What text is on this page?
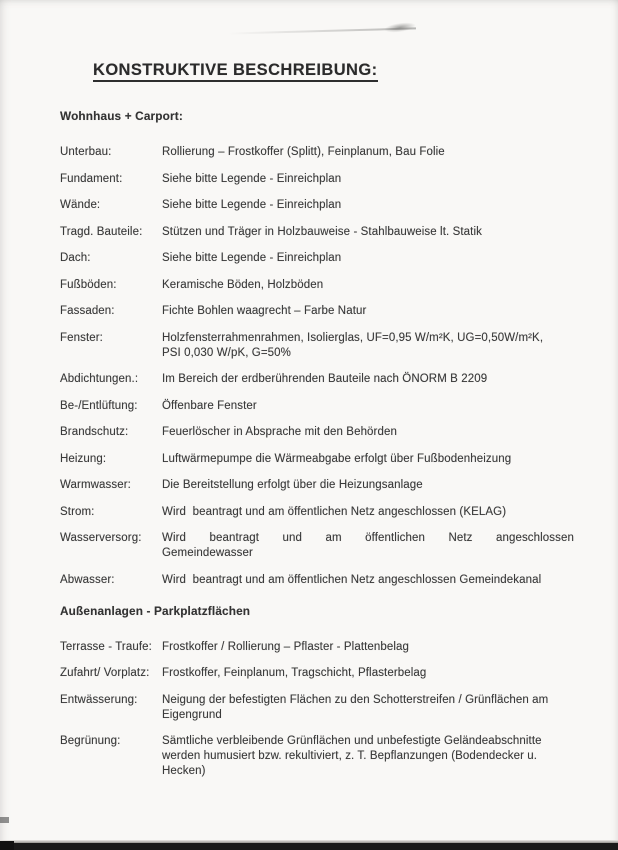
KONSTRUKTIVE BESCHREIBUNG:
Wohnhaus + Carport:
Unterbau:	Rollierung – Frostkoffer (Splitt), Feinplanum, Bau Folie
Fundament:	Siehe bitte Legende - Einreichplan
Wände:	Siehe bitte Legende - Einreichplan
Tragd. Bauteile:	Stützen und Träger in Holzbauweise - Stahlbauweise lt. Statik
Dach:	Siehe bitte Legende - Einreichplan
Fußböden:	Keramische Böden, Holzböden
Fassaden:	Fichte Bohlen waagrecht – Farbe Natur
Fenster:	Holzfensterrahmenrahmen, Isolierglas, UF=0,95 W/m²K, UG=0,50W/m²K,
PSI 0,030 W/pK, G=50%
Abdichtungen.:	Im Bereich der erdberührenden Bauteile nach ÖNORM B 2209
Be-/Entlüftung:	Öffenbare Fenster
Brandschutz:	Feuerlöscher in Absprache mit den Behörden
Heizung:	Luftwärmepumpe die Wärmeabgabe erfolgt über Fußbodenheizung
Warmwasser:	Die Bereitstellung erfolgt über die Heizungsanlage
Strom:	Wird  beantragt und am öffentlichen Netz angeschlossen (KELAG)
Wasserversorg:	Wird beantragt und am öffentlichen Netz angeschlossen
Gemeindewasser
Abwasser:	Wird  beantragt und am öffentlichen Netz angeschlossen Gemeindekanal
Außenanlagen - Parkplatzflächen
Terrasse - Traufe: Frostkoffer / Rollierung – Pflaster - Plattenbelag
Zufahrt/ Vorplatz:	Frostkoffer, Feinplanum, Tragschicht, Pflasterbelag
Entwässerung:	Neigung der befestigten Flächen zu den Schotterstreifen / Grünflächen am
Eigengrund
Begrünung:	Sämtliche verbleibende Grünflächen und unbefestigte Geländeabschnitte
werden humusiert bzw. rekultiviert, z. T. Bepflanzungen (Bodendecker u.
Hecken)
